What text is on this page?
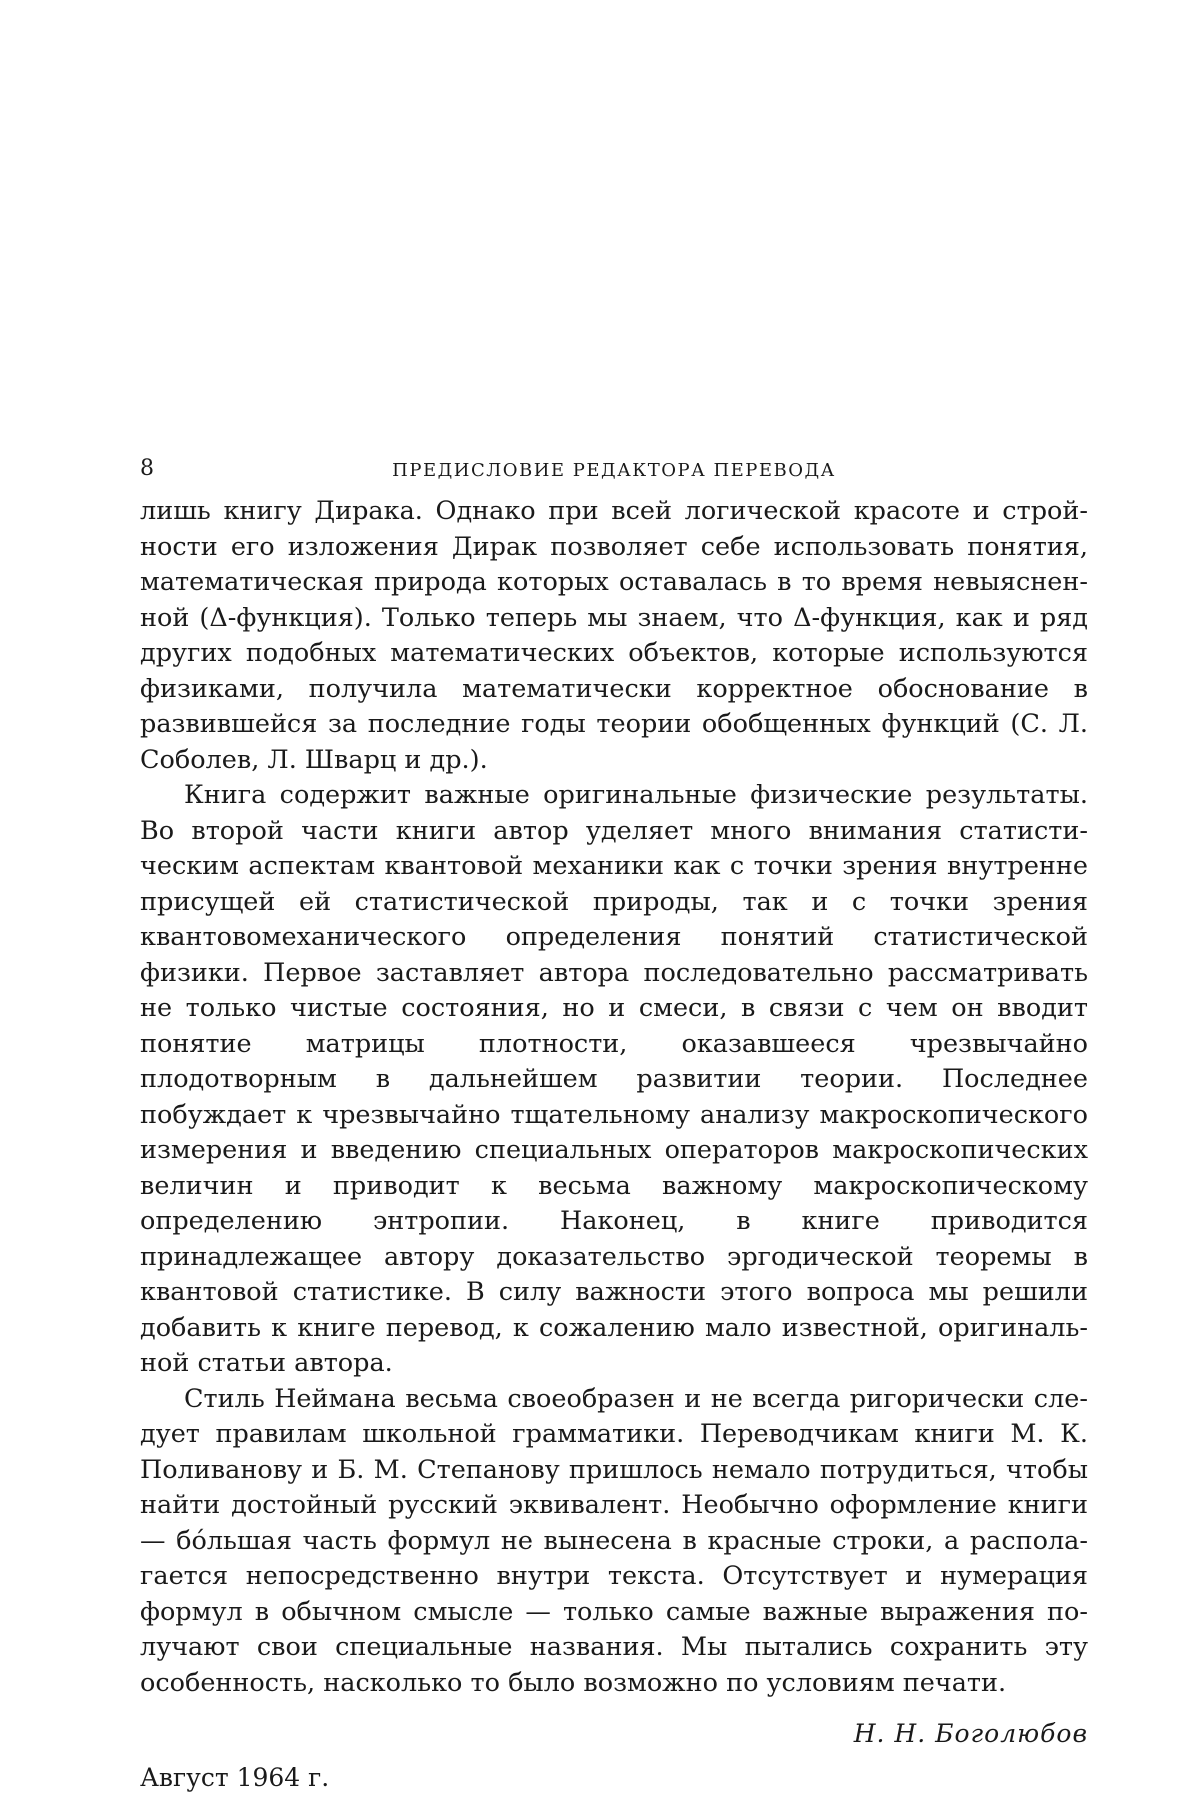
8	ПРЕДИСЛОВИЕ РЕДАКТОРА ПЕРЕВОДА

лишь книгу Дирака. Однако при всей логической красоте и стройности его изложения Дирак позволяет себе использовать понятия, математическая природа которых оставалась в то время невыясненной (Δ-функция). Только теперь мы знаем, что Δ-функция, как и ряд других подобных математических объектов, которые используются физиками, получила математически корректное обоснование в развившейся за последние годы теории обобщенных функций (С. Л. Соболев, Л. Шварц и др.).

Книга содержит важные оригинальные физические результаты. Во второй части книги автор уделяет много внимания статистическим аспектам квантовой механики как с точки зрения внутренне присущей ей статистической природы, так и с точки зрения квантовомеханического определения понятий статистической физики. Первое заставляет автора последовательно рассматривать не только чистые состояния, но и смеси, в связи с чем он вводит понятие матрицы плотности, оказавшееся чрезвычайно плодотворным в дальнейшем развитии теории. Последнее побуждает к чрезвычайно тщательному анализу макроскопического измерения и введению специальных операторов макроскопических величин и приводит к весьма важному макроскопическому определению энтропии. Наконец, в книге приводится принадлежащее автору доказательство эргодической теоремы в квантовой статистике. В силу важности этого вопроса мы решили добавить к книге перевод, к сожалению мало известной, оригинальной статьи автора.

Стиль Неймана весьма своеобразен и не всегда ригорически следует правилам школьной грамматики. Переводчикам книги М. К. Поливанову и Б. М. Степанову пришлось немало потрудиться, чтобы найти достойный русский эквивалент. Необычно оформление книги — бóльшая часть формул не вынесена в красные строки, а располагается непосредственно внутри текста. Отсутствует и нумерация формул в обычном смысле — только самые важные выражения получают свои специальные названия. Мы пытались сохранить эту особенность, насколько то было возможно по условиям печати.

Н. Н. Боголюбов
Август 1964 г.
